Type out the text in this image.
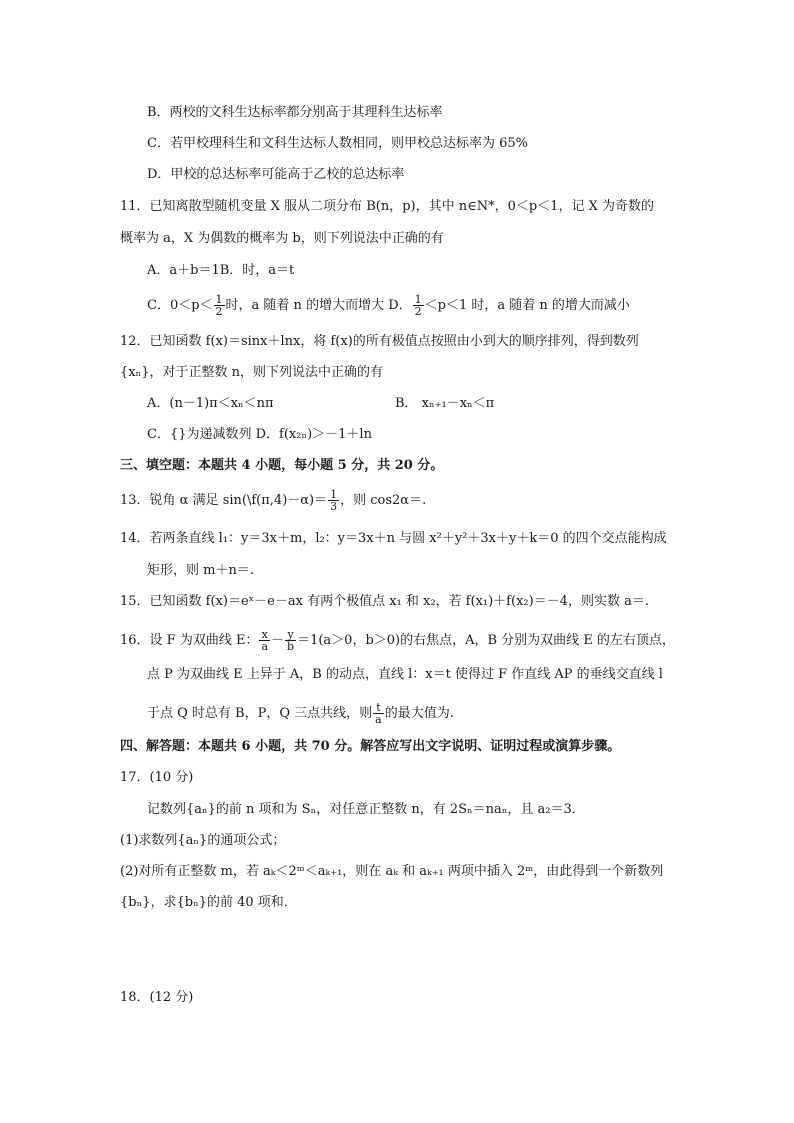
B．两校的文科生达标率都分别高于其理科生达标率
C．若甲校理科生和文科生达标人数相同，则甲校总达标率为 65%
D．甲校的总达标率可能高于乙校的总达标率
11．已知离散型随机变量 X 服从二项分布 B(n，p)，其中 n∈N*，0＜p＜1，记 X 为奇数的
概率为 a，X 为偶数的概率为 b，则下列说法中正确的有
A．a＋b＝1B．时，a＝t
C．$0<p< \frac{1}{2}$ 时，a 随着 n 的增大而增大 D． $\frac{1}{2} <p<1$ 时，a 随着 n 的增大而减小
12．已知函数 f(x)＝sinx＋lnx，将 f(x)的所有极值点按照由小到大的顺序排列，得到数列
{xₙ}，对于正整数 n，则下列说法中正确的有
A．(n－1)π＜xₙ＜nπ	B． xₙ₊₁－xₙ＜π
C．{}为递减数列 D．f(x₂ₙ)＞－1＋ln
三、填空题：本题共 4 小题，每小题 5 分，共 20 分。
13．锐角 α 满足 sin(\f(π,4)－α)＝ $\frac{1}{3}$ ，则 cos2α＝.
14．若两条直线 l₁：y＝3x＋m，l₂：y＝3x＋n 与圆 x²＋y²＋3x＋y＋k＝0 的四个交点能构成
矩形，则 m＋n＝.
15．已知函数 f(x)＝eˣ－e－ax 有两个极值点 x₁ 和 x₂，若 f(x₁)＋f(x₂)＝－4，则实数 a＝.
16．设 F 为双曲线 E： $\frac{x}{a} - \frac{y}{b} =1(a>0$，b＞0)的右焦点，A，B 分别为双曲线 E 的左右顶点，
点 P 为双曲线 E 上异于 A，B 的动点，直线 l：x＝t 使得过 F 作直线 AP 的垂线交直线 l
于点 Q 时总有 B，P，Q 三点共线，则 $\frac{t}{a}$ 的最大值为.
四、解答题：本题共 6 小题，共 70 分。解答应写出文字说明、证明过程或演算步骤。
17．(10 分)
记数列{aₙ}的前 n 项和为 Sₙ，对任意正整数 n，有 2Sₙ＝naₙ，且 a₂＝3．
(1)求数列{aₙ}的通项公式；
(2)对所有正整数 m，若 aₖ＜2ᵐ＜aₖ₊₁，则在 aₖ 和 aₖ₊₁ 两项中插入 2ᵐ，由此得到一个新数列
{bₙ}，求{bₙ}的前 40 项和．
18．(12 分)
